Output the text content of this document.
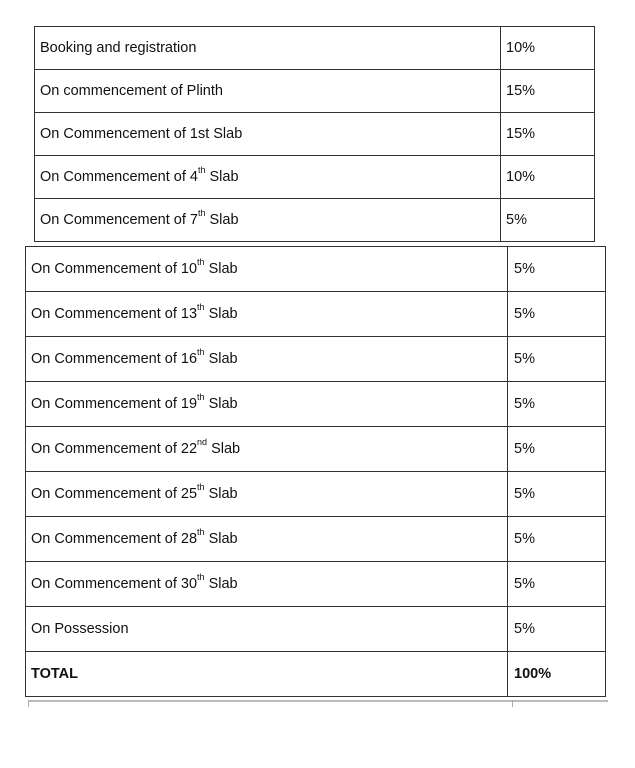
Booking and registration	10%
On commencement of Plinth	15%
On Commencement of 1st Slab	15%
On Commencement of 4th Slab	10%
On Commencement of 7th Slab	5%
On Commencement of 10th Slab	5%
On Commencement of 13th Slab	5%
On Commencement of 16th Slab	5%
On Commencement of 19th Slab	5%
On Commencement of 22nd Slab	5%
On Commencement of 25th Slab	5%
On Commencement of 28th Slab	5%
On Commencement of 30th Slab	5%
On Possession	5%
TOTAL	100%
